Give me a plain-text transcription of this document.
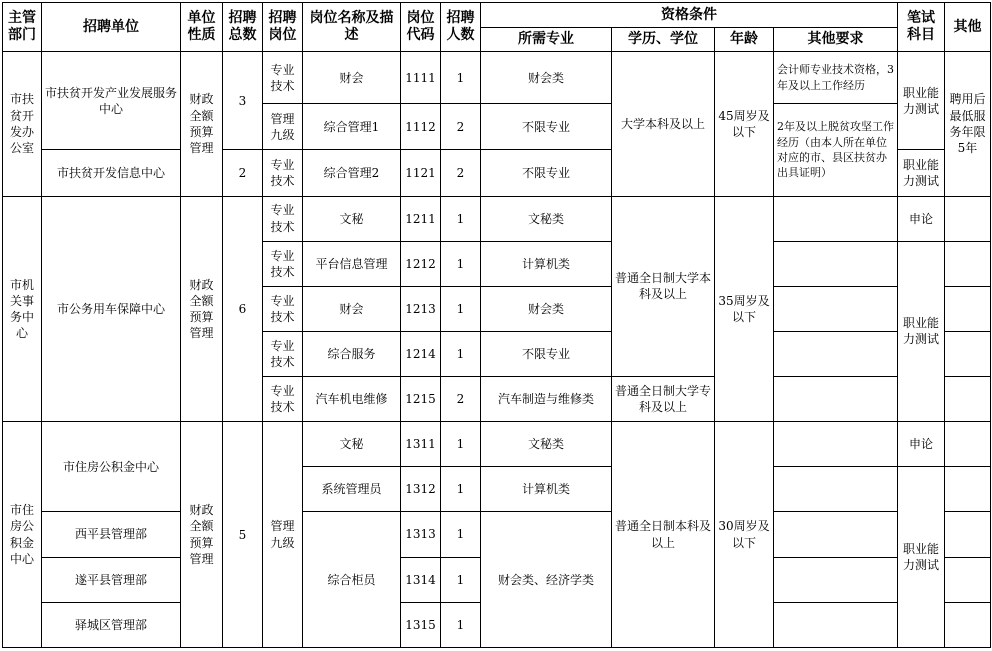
主管部门	招聘单位	单位性质	招聘总数	招聘岗位	岗位名称及描述	岗位代码	招聘人数	资格条件				笔试科目	其他
								所需专业	学历、学位	年龄	其他要求		
市扶贫开发办公室	市扶贫开发产业发展服务中心	财政全额预算管理	3	专业技术	财会	1111	1	财会类	大学本科及以上	45周岁及以下	会计师专业技术资格，3年及以上工作经历	职业能力测试	聘用后最低服务年限5年
				管理九级	综合管理1	1112	2	不限专业			2年及以上脱贫攻坚工作经历（由本人所在单位对应的市、县区扶贫办出具证明）		
	市扶贫开发信息中心		2	专业技术	综合管理2	1121	2	不限专业				职业能力测试	
市机关事务中心	市公务用车保障中心	财政全额预算管理	6	专业技术	文秘	1211	1	文秘类	普通全日制大学本科及以上	35周岁及以下		申论	
				专业技术	平台信息管理	1212	1	计算机类				职业能力测试	
				专业技术	财会	1213	1	财会类					
				专业技术	综合服务	1214	1	不限专业					
				专业技术	汽车机电维修	1215	2	汽车制造与维修类	普通全日制大学专科及以上				
市住房公积金中心	市住房公积金中心	财政全额预算管理	5	管理九级	文秘	1311	1	文秘类	普通全日制本科及以上	30周岁及以下		申论	
					系统管理员	1312	1	计算机类				职业能力测试	
	西平县管理部				综合柜员	1313	1	财会类、经济学类					
	遂平县管理部					1314	1						
	驿城区管理部					1315	1						
